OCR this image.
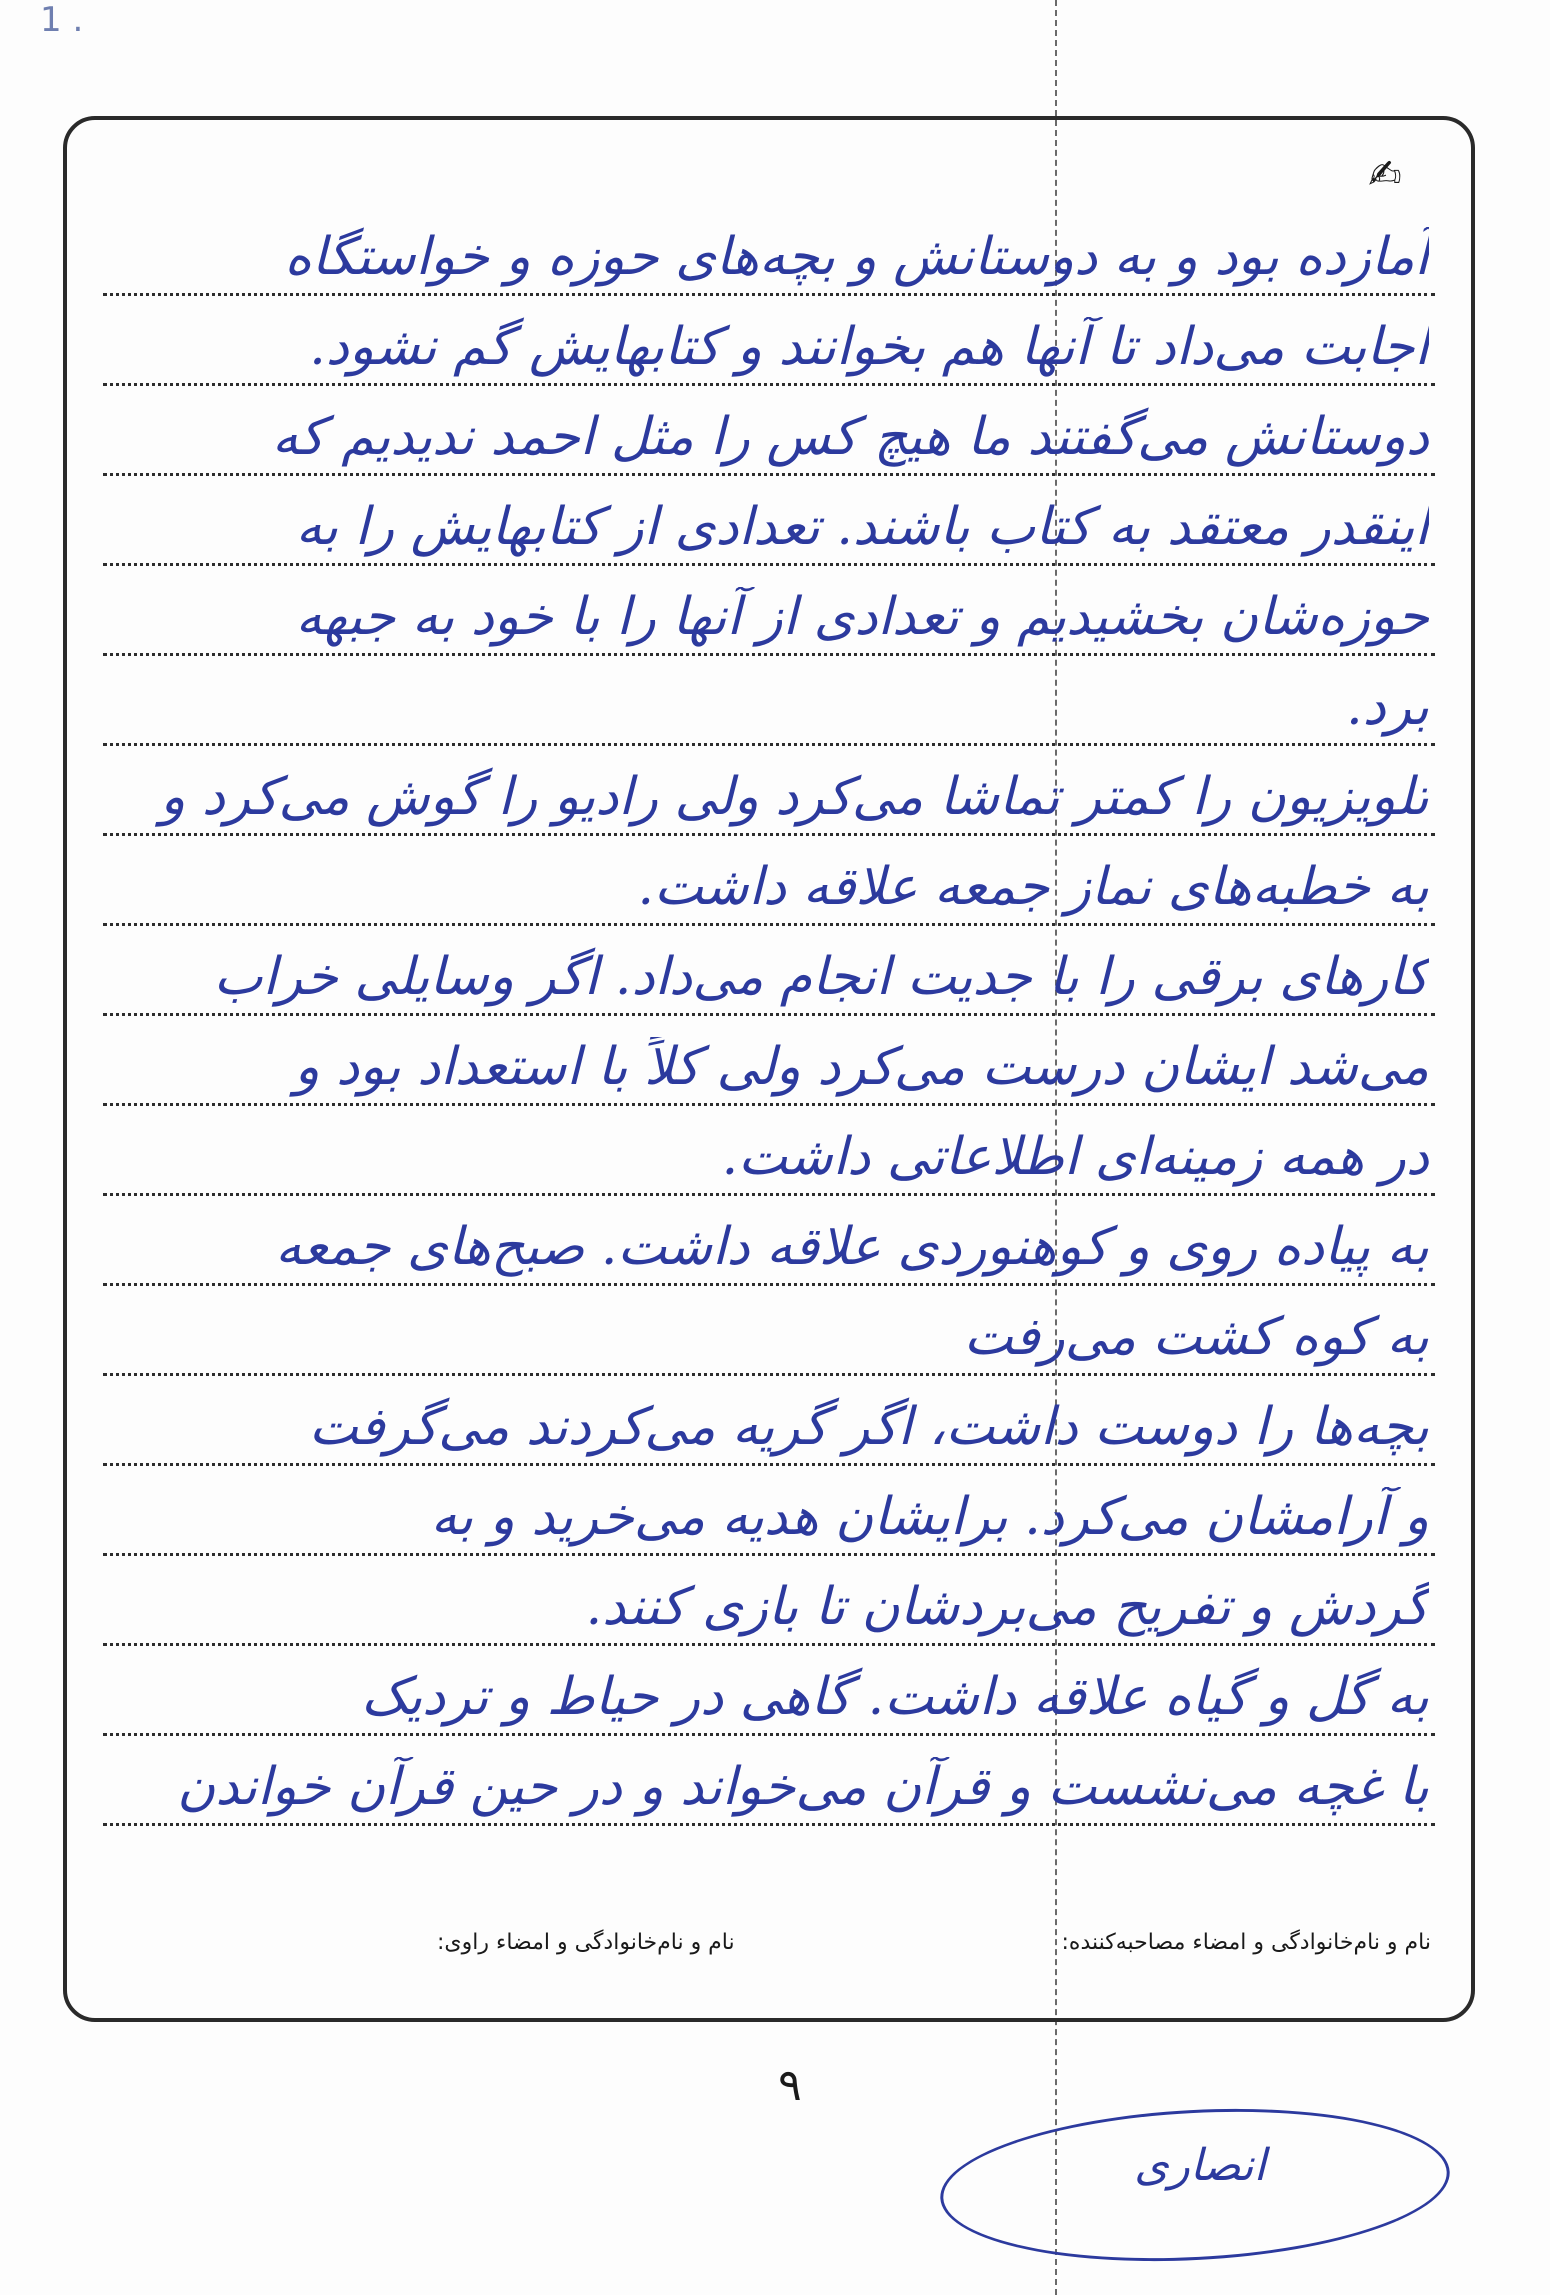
1 .
✍
آمازده بود و به دوستانش و بچه‌های حوزه و خواستگاه
اجابت می‌داد تا آنها هم بخوانند و کتابهایش گم نشود.
دوستانش می‌گفتند ما هیچ کس را مثل احمد ندیدیم که
اینقدر معتقد به کتاب باشند. تعدادی از کتابهایش را به
حوزه‌شان بخشیدیم و تعدادی از آنها را با خود به جبهه
برد.
تلویزیون را کمتر تماشا می‌کرد ولی رادیو را گوش می‌کرد و
به خطبه‌های نماز جمعه علاقه داشت.
کارهای برقی را با جدیت انجام می‌داد. اگر وسایلی خراب
می‌شد ایشان درست می‌کرد ولی کلاً با استعداد بود و
در همه زمینه‌ای اطلاعاتی داشت.
به پیاده روی و کوهنوردی علاقه داشت. صبح‌های جمعه
به کوه کشت می‌رفت
بچه‌ها را دوست داشت، اگر گریه می‌کردند می‌گرفت
و آرامشان می‌کرد. برایشان هدیه می‌خرید و به
گردش و تفریح می‌بردشان تا بازی کنند.
به گل و گیاه علاقه داشت. گاهی در حیاط و تردیک
با غچه می‌نشست و قرآن می‌خواند و در حین قرآن خواندن
نام و نام‌خانوادگی و امضاء مصاحبه‌کننده:
نام و نام‌خانوادگی و امضاء راوی:
۹
انصاری
